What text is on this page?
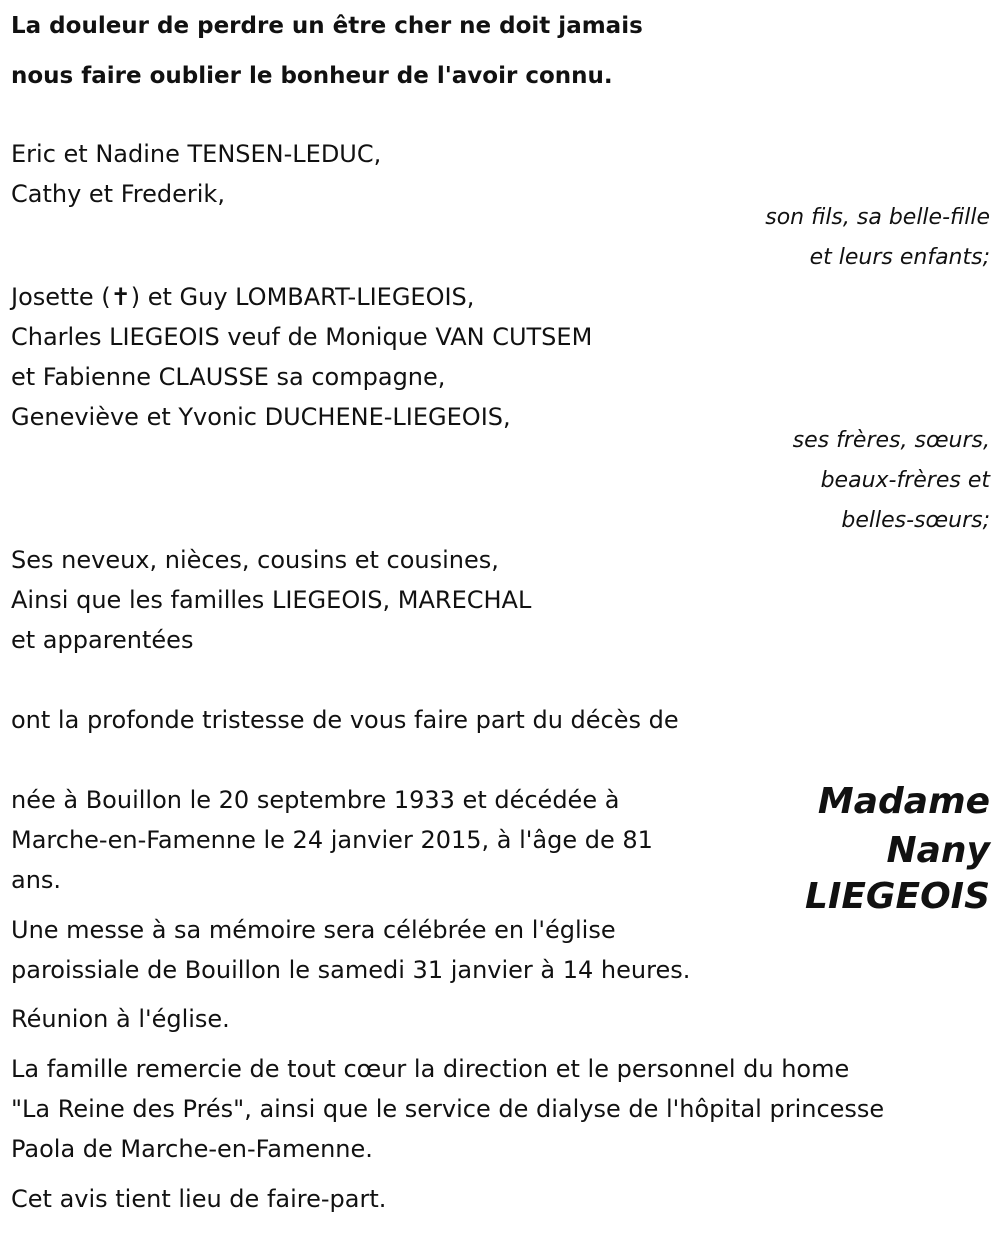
La douleur de perdre un être cher ne doit jamais
nous faire oublier le bonheur de l'avoir connu.
Eric et Nadine TENSEN-LEDUC,
Cathy et Frederik,
son fils, sa belle-fille
et leurs enfants;
Josette (✝) et Guy LOMBART-LIEGEOIS,
Charles LIEGEOIS veuf de Monique VAN CUTSEM
et Fabienne CLAUSSE sa compagne,
Geneviève et Yvonic DUCHENE-LIEGEOIS,
ses frères, sœurs,
beaux-frères et
belles-sœurs;
Ses neveux, nièces, cousins et cousines,
Ainsi que les familles LIEGEOIS, MARECHAL
et apparentées
ont la profonde tristesse de vous faire part du décès de
Madame
Nany
LIEGEOIS
née à Bouillon le 20 septembre 1933 et décédée à
Marche-en-Famenne le 24 janvier 2015, à l'âge de 81
ans.
Une messe à sa mémoire sera célébrée en l'église
paroissiale de Bouillon le samedi 31 janvier à 14 heures.
Réunion à l'église.
La famille remercie de tout cœur la direction et le personnel du home
"La Reine des Prés", ainsi que le service de dialyse de l'hôpital princesse
Paola de Marche-en-Famenne.
Cet avis tient lieu de faire-part.
